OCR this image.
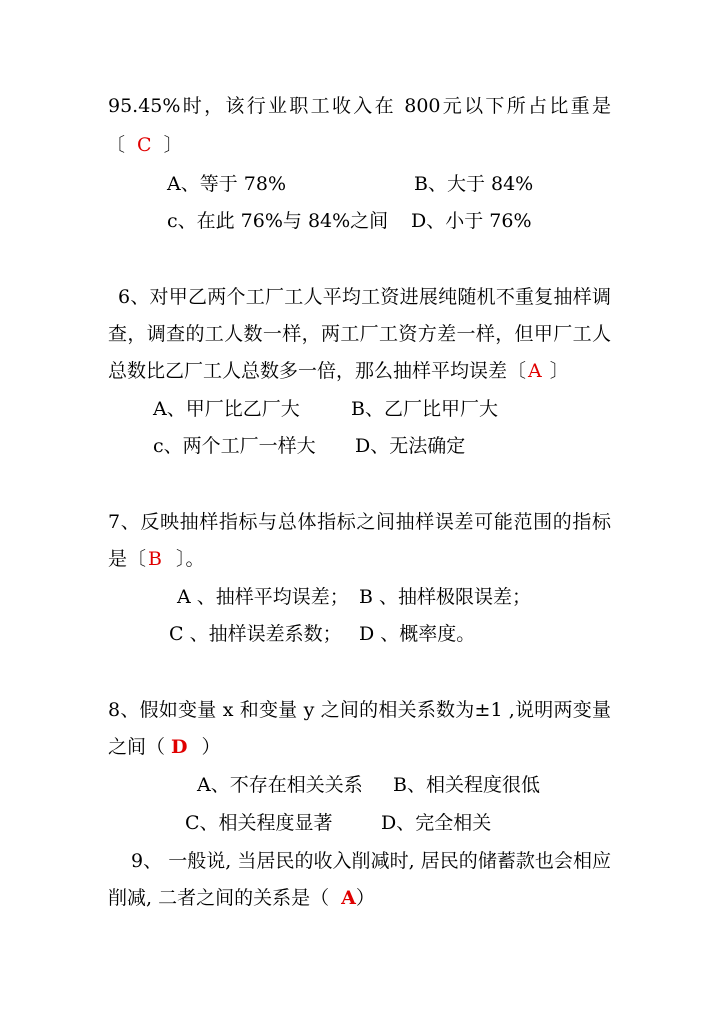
95.45%时，该行业职工收入在 800元以下所占比重是
〔 C 〕
A、等于 78%	B、大于 84%
c、在此 76%与 84%之间 D、小于 76%
6、对甲乙两个工厂工人平均工资进展纯随机不重复抽样调
查，调查的工人数一样，两工厂工资方差一样，但甲厂工人
总数比乙厂工人总数多一倍，那么抽样平均误差〔 A 〕
A、甲厂比乙厂大	B、乙厂比甲厂大
c、两个工厂一样大 D、无法确定
7、反映抽样指标与总体指标之间抽样误差可能范围的指标
是〔 B 〕。
A 、抽样平均误差； B 、抽样极限误差；
C 、抽样误差系数； D 、概率度。
8、假如变量 x 和变量 y 之间的相关系数为±1 ,说明两变量
之间（ D ）
A、不存在相关关系 B、相关程度很低
C、相关程度显著	D、完全相关
9、 一般说, 当居民的收入削减时, 居民的储蓄款也会相应
削减, 二者之间的关系是（ A）
